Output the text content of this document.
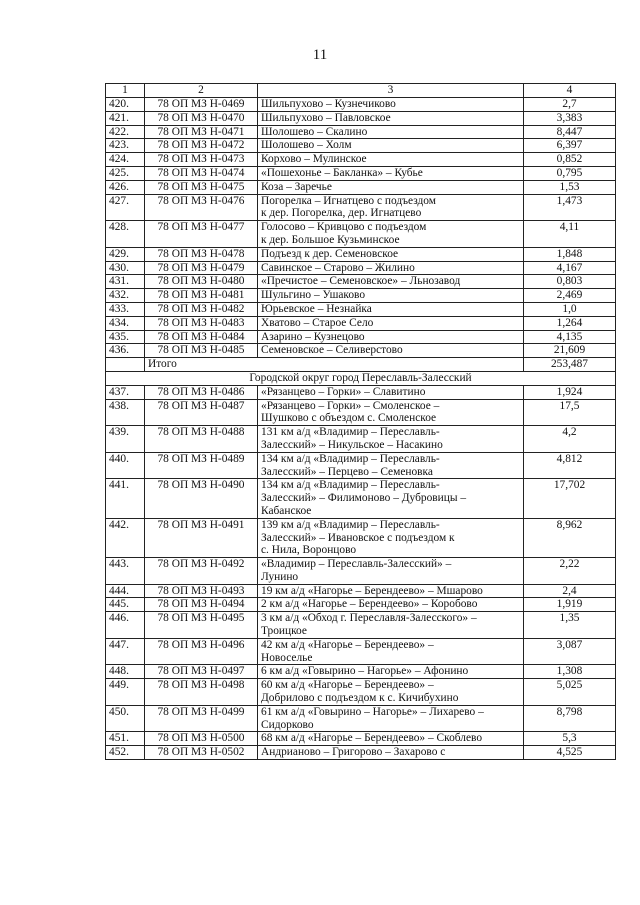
11
1	2	3	4
420.	78 ОП МЗ Н-0469	Шильпухово – Кузнечиково	2,7
421.	78 ОП МЗ Н-0470	Шильпухово – Павловское	3,383
422.	78 ОП МЗ Н-0471	Шолошево – Скалино	8,447
423.	78 ОП МЗ Н-0472	Шолошево – Холм	6,397
424.	78 ОП МЗ Н-0473	Корхово – Мулинское	0,852
425.	78 ОП МЗ Н-0474	«Пошехонье – Бакланка» – Кубье	0,795
426.	78 ОП МЗ Н-0475	Коза – Заречье	1,53
427.	78 ОП МЗ Н-0476	Погорелка – Игнатцево с подъездом
к дер. Погорелка, дер. Игнатцево	1,473
428.	78 ОП МЗ Н-0477	Голосово – Кривцово с подъездом
к дер. Большое Кузьминское	4,11
429.	78 ОП МЗ Н-0478	Подъезд к дер. Семеновское	1,848
430.	78 ОП МЗ Н-0479	Савинское – Старово – Жилино	4,167
431.	78 ОП МЗ Н-0480	«Пречистое – Семеновское» – Льнозавод	0,803
432.	78 ОП МЗ Н-0481	Шульгино – Ушаково	2,469
433.	78 ОП МЗ Н-0482	Юрьевское – Незнайка	1,0
434.	78 ОП МЗ Н-0483	Хватово – Старое Село	1,264
435.	78 ОП МЗ Н-0484	Азарино – Кузнецово	4,135
436.	78 ОП МЗ Н-0485	Семеновское – Селиверстово	21,609
	Итого		253,487
Городской округ город Переславль-Залесский			
437.	78 ОП МЗ Н-0486	«Рязанцево – Горки» – Славитино	1,924
438.	78 ОП МЗ Н-0487	«Рязанцево – Горки» – Смоленское –
Шушково с объездом с. Смоленское	17,5
439.	78 ОП МЗ Н-0488	131 км а/д «Владимир – Переславль-
Залесский» – Никульское – Насакино	4,2
440.	78 ОП МЗ Н-0489	134 км а/д «Владимир – Переславль-
Залесский» – Перцево – Семеновка	4,812
441.	78 ОП МЗ Н-0490	134 км а/д «Владимир – Переславль-
Залесский» – Филимоново – Дубровицы –
Кабанское	17,702
442.	78 ОП МЗ Н-0491	139 км а/д «Владимир – Переславль-
Залесский» – Ивановское с подъездом к
с. Нила, Воронцово	8,962
443.	78 ОП МЗ Н-0492	«Владимир – Переславль-Залесский» –
Лунино	2,22
444.	78 ОП МЗ Н-0493	19 км а/д «Нагорье – Берендеево» – Мшарово	2,4
445.	78 ОП МЗ Н-0494	2 км а/д «Нагорье – Берендеево» – Коробово	1,919
446.	78 ОП МЗ Н-0495	3 км а/д «Обход г. Переславля-Залесского» –
Троицкое	1,35
447.	78 ОП МЗ Н-0496	42 км а/д «Нагорье – Берендеево» –
Новоселье	3,087
448.	78 ОП МЗ Н-0497	6 км а/д «Говырино – Нагорье» – Афонино	1,308
449.	78 ОП МЗ Н-0498	60 км а/д «Нагорье – Берендеево» –
Добрилово с подъездом к с. Кичибухино	5,025
450.	78 ОП МЗ Н-0499	61 км а/д «Говырино – Нагорье» – Лихарево –
Сидорково	8,798
451.	78 ОП МЗ Н-0500	68 км а/д «Нагорье – Берендеево» – Скоблево	5,3
452.	78 ОП МЗ Н-0502	Андрианово – Григорово – Захарово с	4,525
